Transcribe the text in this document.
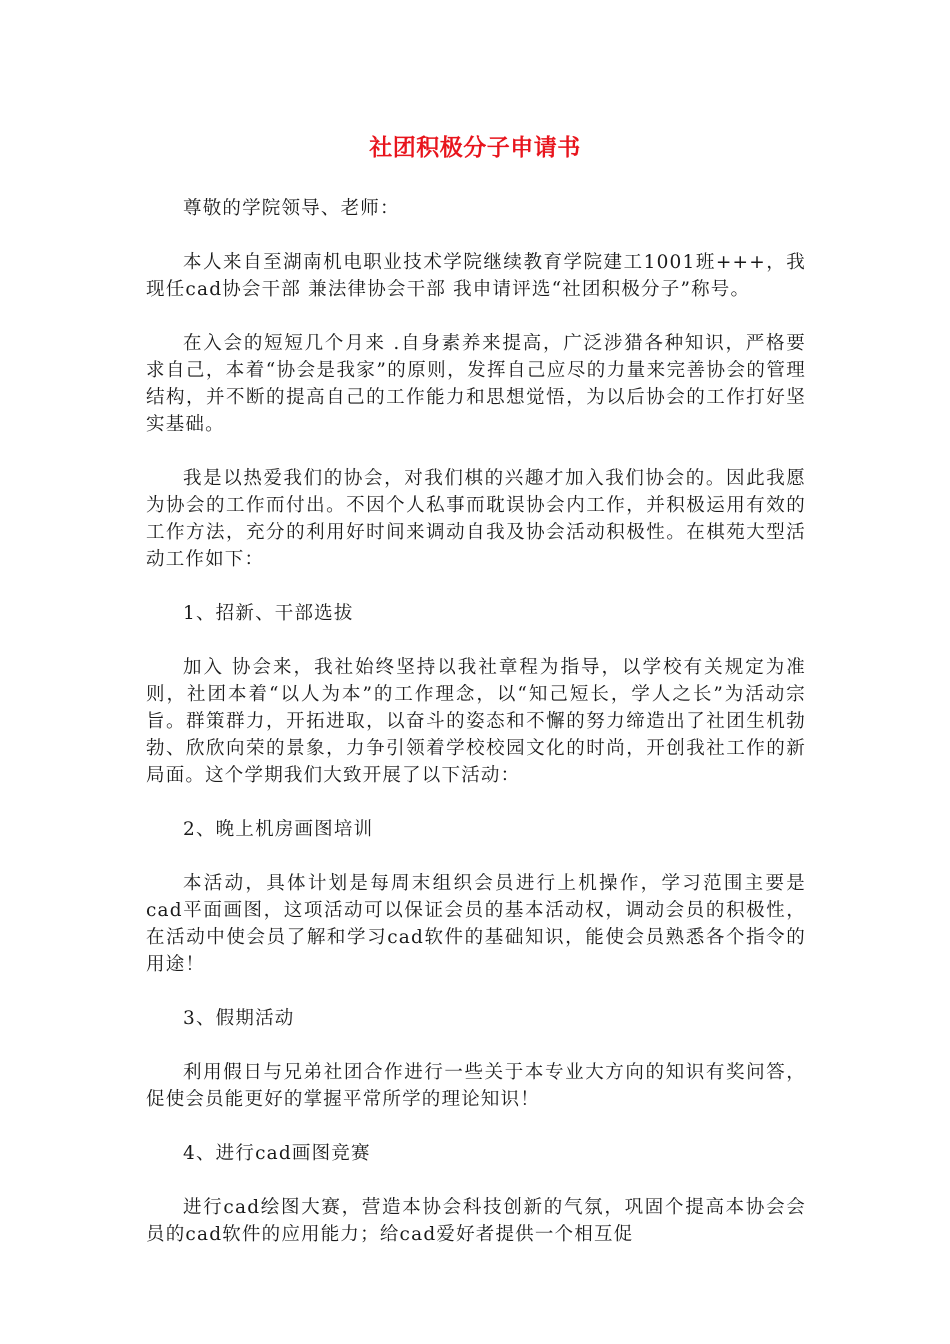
社团积极分子申请书

尊敬的学院领导、老师：

本人来自至湖南机电职业技术学院继续教育学院建工1001班+++，我现任cad协会干部 兼法律协会干部 我申请评选“社团积极分子”称号。

在入会的短短几个月来 .自身素养来提高，广泛涉猎各种知识，严格要求自己，本着“协会是我家”的原则，发挥自己应尽的力量来完善协会的管理结构，并不断的提高自己的工作能力和思想觉悟，为以后协会的工作打好坚实基础。

我是以热爱我们的协会，对我们棋的兴趣才加入我们协会的。因此我愿为协会的工作而付出。不因个人私事而耽误协会内工作，并积极运用有效的工作方法，充分的利用好时间来调动自我及协会活动积极性。在棋苑大型活动工作如下：

1、招新、干部选拔

加入 协会来，我社始终坚持以我社章程为指导，以学校有关规定为准则，社团本着“以人为本”的工作理念，以“知己短长，学人之长”为活动宗旨。群策群力，开拓进取，以奋斗的姿态和不懈的努力缔造出了社团生机勃勃、欣欣向荣的景象，力争引领着学校校园文化的时尚，开创我社工作的新局面。这个学期我们大致开展了以下活动：

2、晚上机房画图培训

本活动，具体计划是每周末组织会员进行上机操作，学习范围主要是cad平面画图，这项活动可以保证会员的基本活动权，调动会员的积极性，在活动中使会员了解和学习cad软件的基础知识，能使会员熟悉各个指令的用途！

3、假期活动

利用假日与兄弟社团合作进行一些关于本专业大方向的知识有奖问答，促使会员能更好的掌握平常所学的理论知识！

4、进行cad画图竞赛

进行cad绘图大赛，营造本协会科技创新的气氛，巩固个提高本协会会员的cad软件的应用能力；给cad爱好者提供一个相互促
